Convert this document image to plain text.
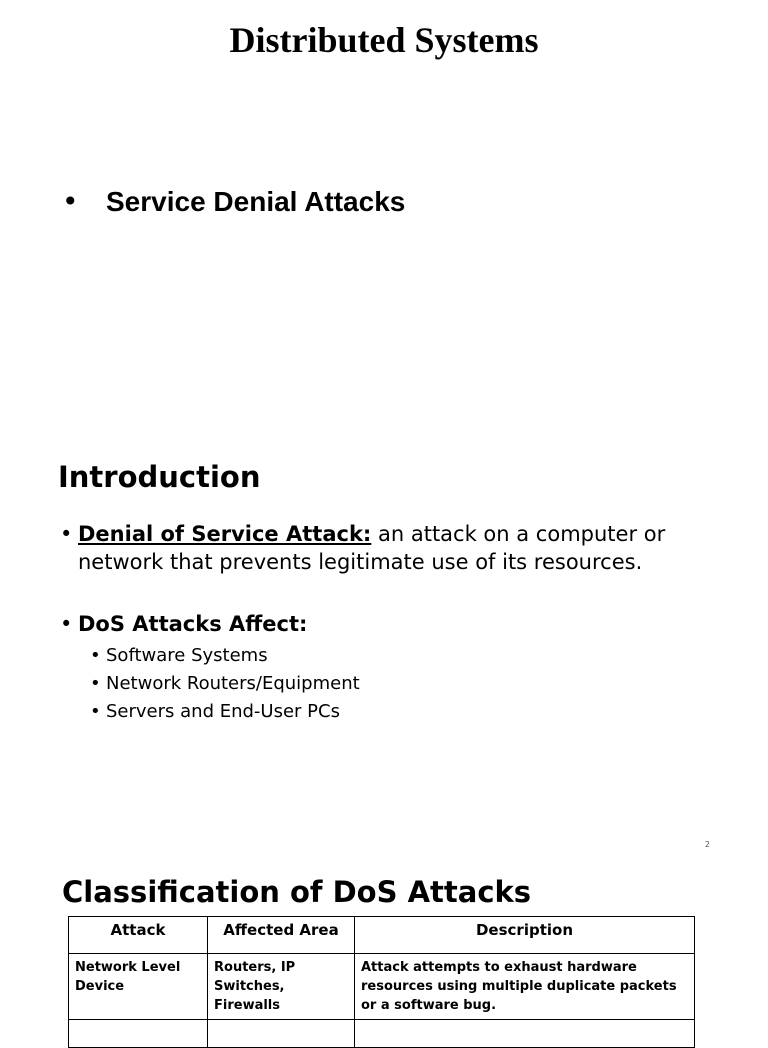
Distributed Systems
• Service Denial Attacks
Introduction
• Denial of Service Attack: an attack on a computer or network that prevents legitimate use of its resources.
• DoS Attacks Affect:
• Software Systems
• Network Routers/Equipment
• Servers and End-User PCs
2
Classification of DoS Attacks
Attack	Affected Area	Description
Network Level Device	Routers, IP Switches, Firewalls	Attack attempts to exhaust hardware resources using multiple duplicate packets or a software bug.
